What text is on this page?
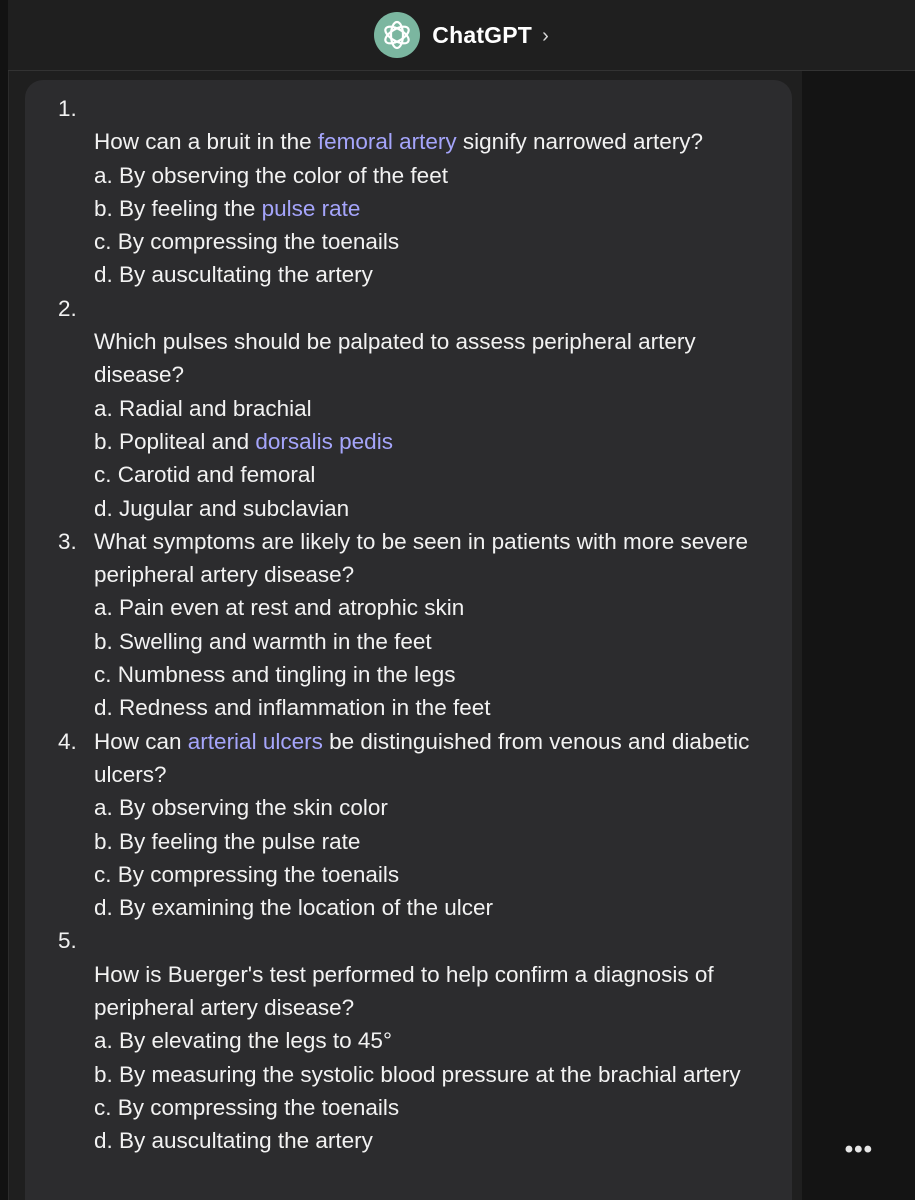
ChatGPT ›
1.
How can a bruit in the femoral artery signify narrowed artery?
a. By observing the color of the feet
b. By feeling the pulse rate
c. By compressing the toenails
d. By auscultating the artery
2.
Which pulses should be palpated to assess peripheral artery disease?
a. Radial and brachial
b. Popliteal and dorsalis pedis
c. Carotid and femoral
d. Jugular and subclavian
3. What symptoms are likely to be seen in patients with more severe peripheral artery disease?
a. Pain even at rest and atrophic skin
b. Swelling and warmth in the feet
c. Numbness and tingling in the legs
d. Redness and inflammation in the feet
4. How can arterial ulcers be distinguished from venous and diabetic ulcers?
a. By observing the skin color
b. By feeling the pulse rate
c. By compressing the toenails
d. By examining the location of the ulcer
5.
How is Buerger's test performed to help confirm a diagnosis of peripheral artery disease?
a. By elevating the legs to 45°
b. By measuring the systolic blood pressure at the brachial artery
c. By compressing the toenails
d. By auscultating the artery	•••
